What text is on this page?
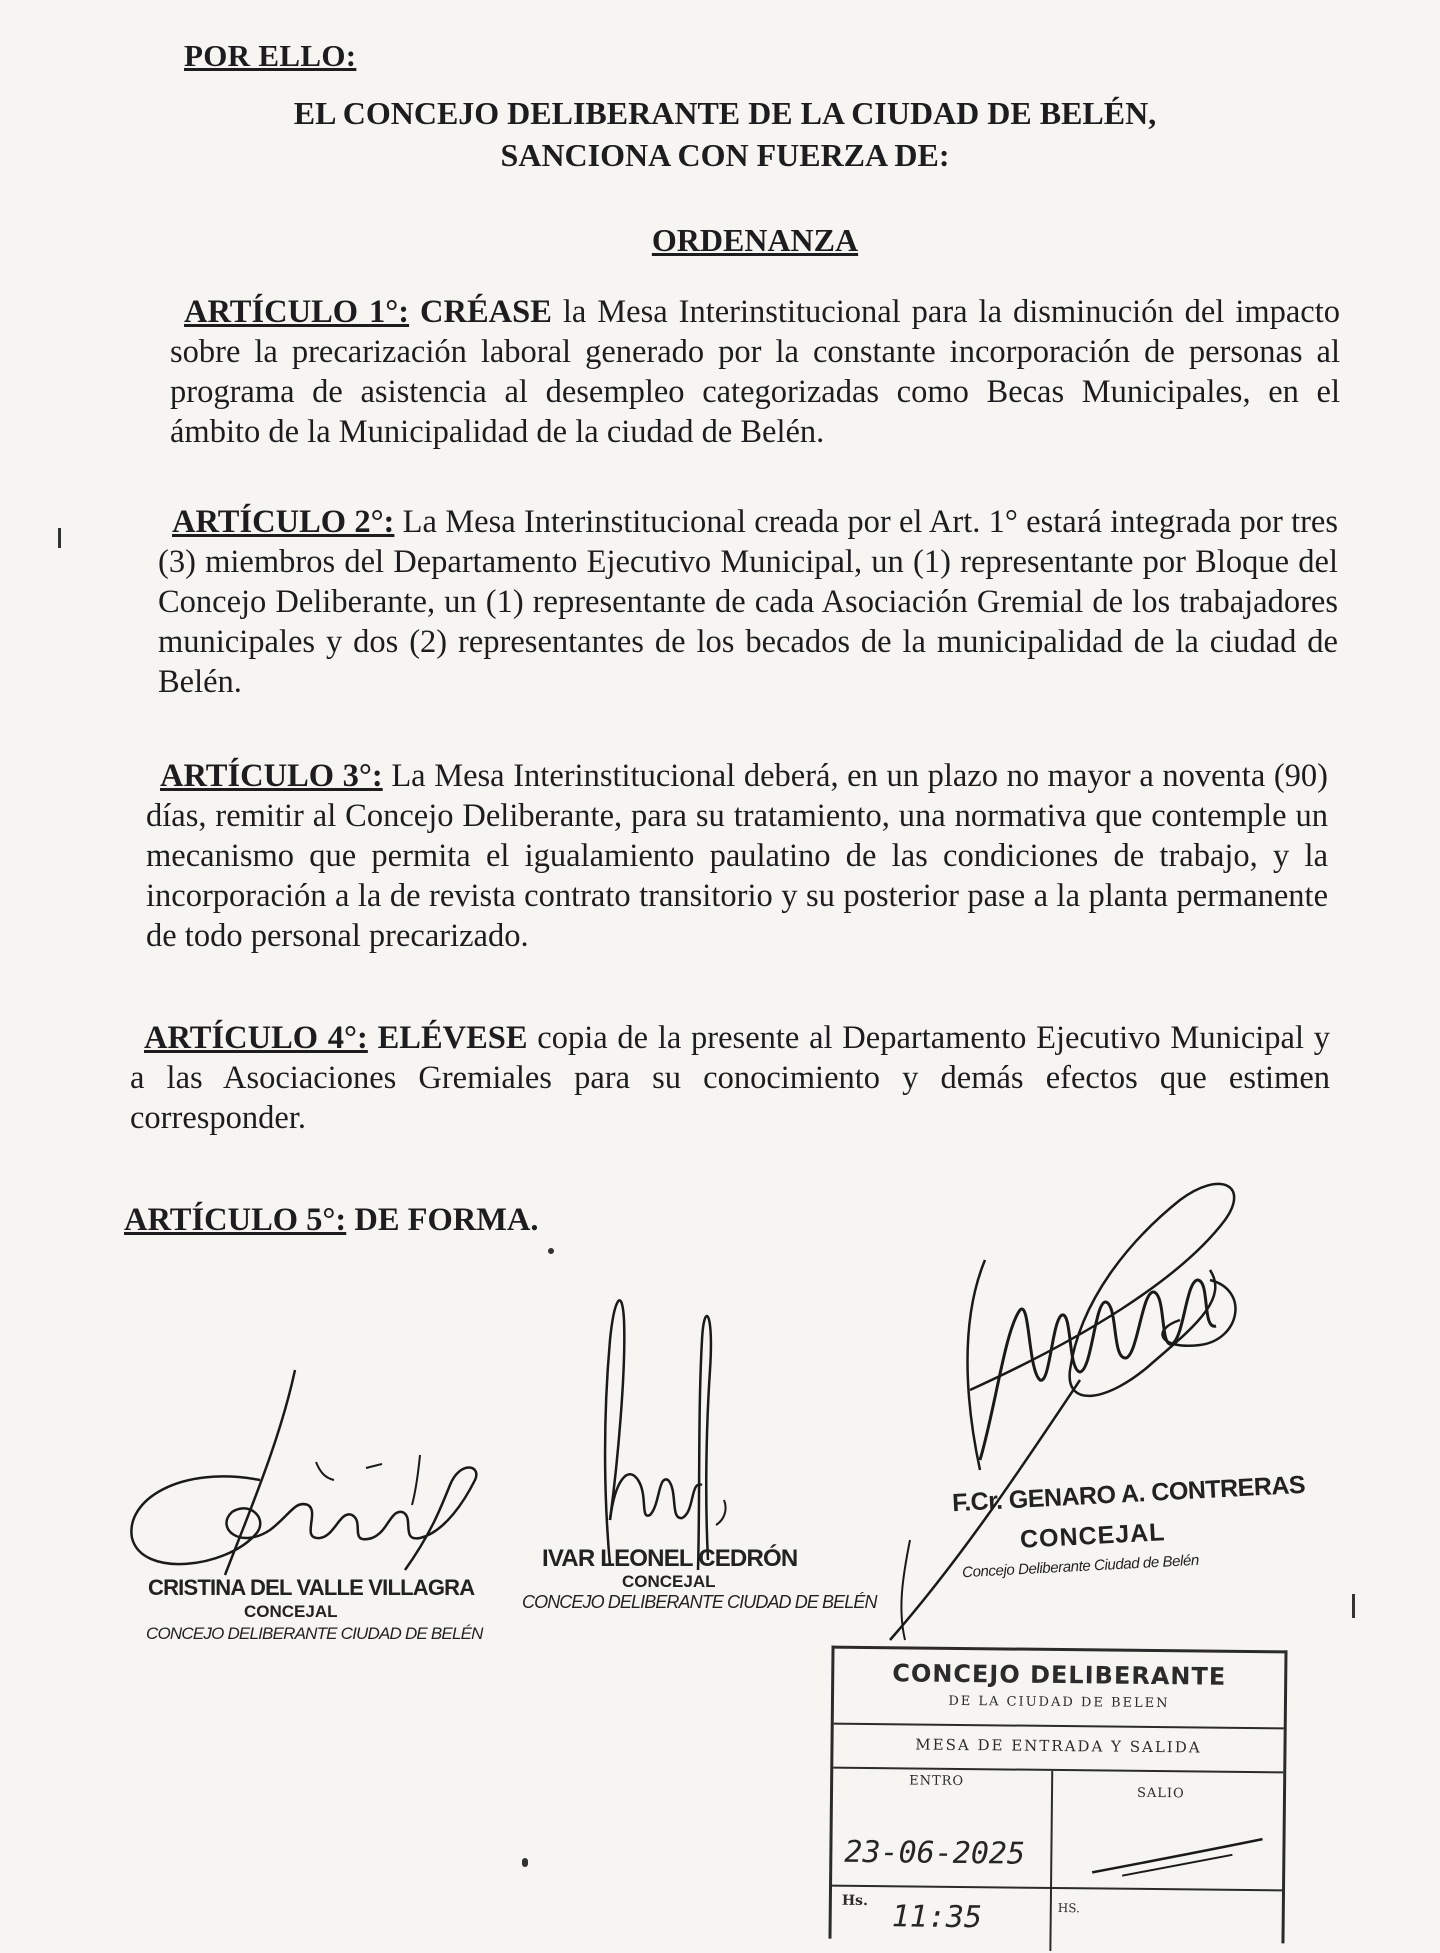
POR ELLO:

EL CONCEJO DELIBERANTE DE LA CIUDAD DE BELÉN,
SANCIONA CON FUERZA DE:

ORDENANZA

ARTÍCULO 1°: CRÉASE la Mesa Interinstitucional para la disminución del impacto sobre la precarización laboral generado por la constante incorporación de personas al programa de asistencia al desempleo categorizadas como Becas Municipales, en el ámbito de la Municipalidad de la ciudad de Belén.

ARTÍCULO 2°: La Mesa Interinstitucional creada por el Art. 1° estará integrada por tres (3) miembros del Departamento Ejecutivo Municipal, un (1) representante por Bloque del Concejo Deliberante, un (1) representante de cada Asociación Gremial de los trabajadores municipales y dos (2) representantes de los becados de la municipalidad de la ciudad de Belén.

ARTÍCULO 3°: La Mesa Interinstitucional deberá, en un plazo no mayor a noventa (90) días, remitir al Concejo Deliberante, para su tratamiento, una normativa que contemple un mecanismo que permita el igualamiento paulatino de las condiciones de trabajo, y la incorporación a la de revista contrato transitorio y su posterior pase a la planta permanente de todo personal precarizado.

ARTÍCULO 4°: ELÉVESE copia de la presente al Departamento Ejecutivo Municipal y a las Asociaciones Gremiales para su conocimiento y demás efectos que estimen corresponder.

ARTÍCULO 5°: DE FORMA.

CRISTINA DEL VALLE VILLAGRA
CONCEJAL
CONCEJO DELIBERANTE CIUDAD DE BELÉN
IVAR LEONEL CEDRÓN
CONCEJAL
CONCEJO DELIBERANTE CIUDAD DE BELÉN
F.Cr. GENARO A. CONTRERAS
CONCEJAL
Concejo Deliberante Ciudad de Belén
CONCEJO DELIBERANTE
DE LA CIUDAD DE BELEN
MESA DE ENTRADA Y SALIDA
ENTRO
SALIO
23-06-2025
Hs. 11:35	HS.
